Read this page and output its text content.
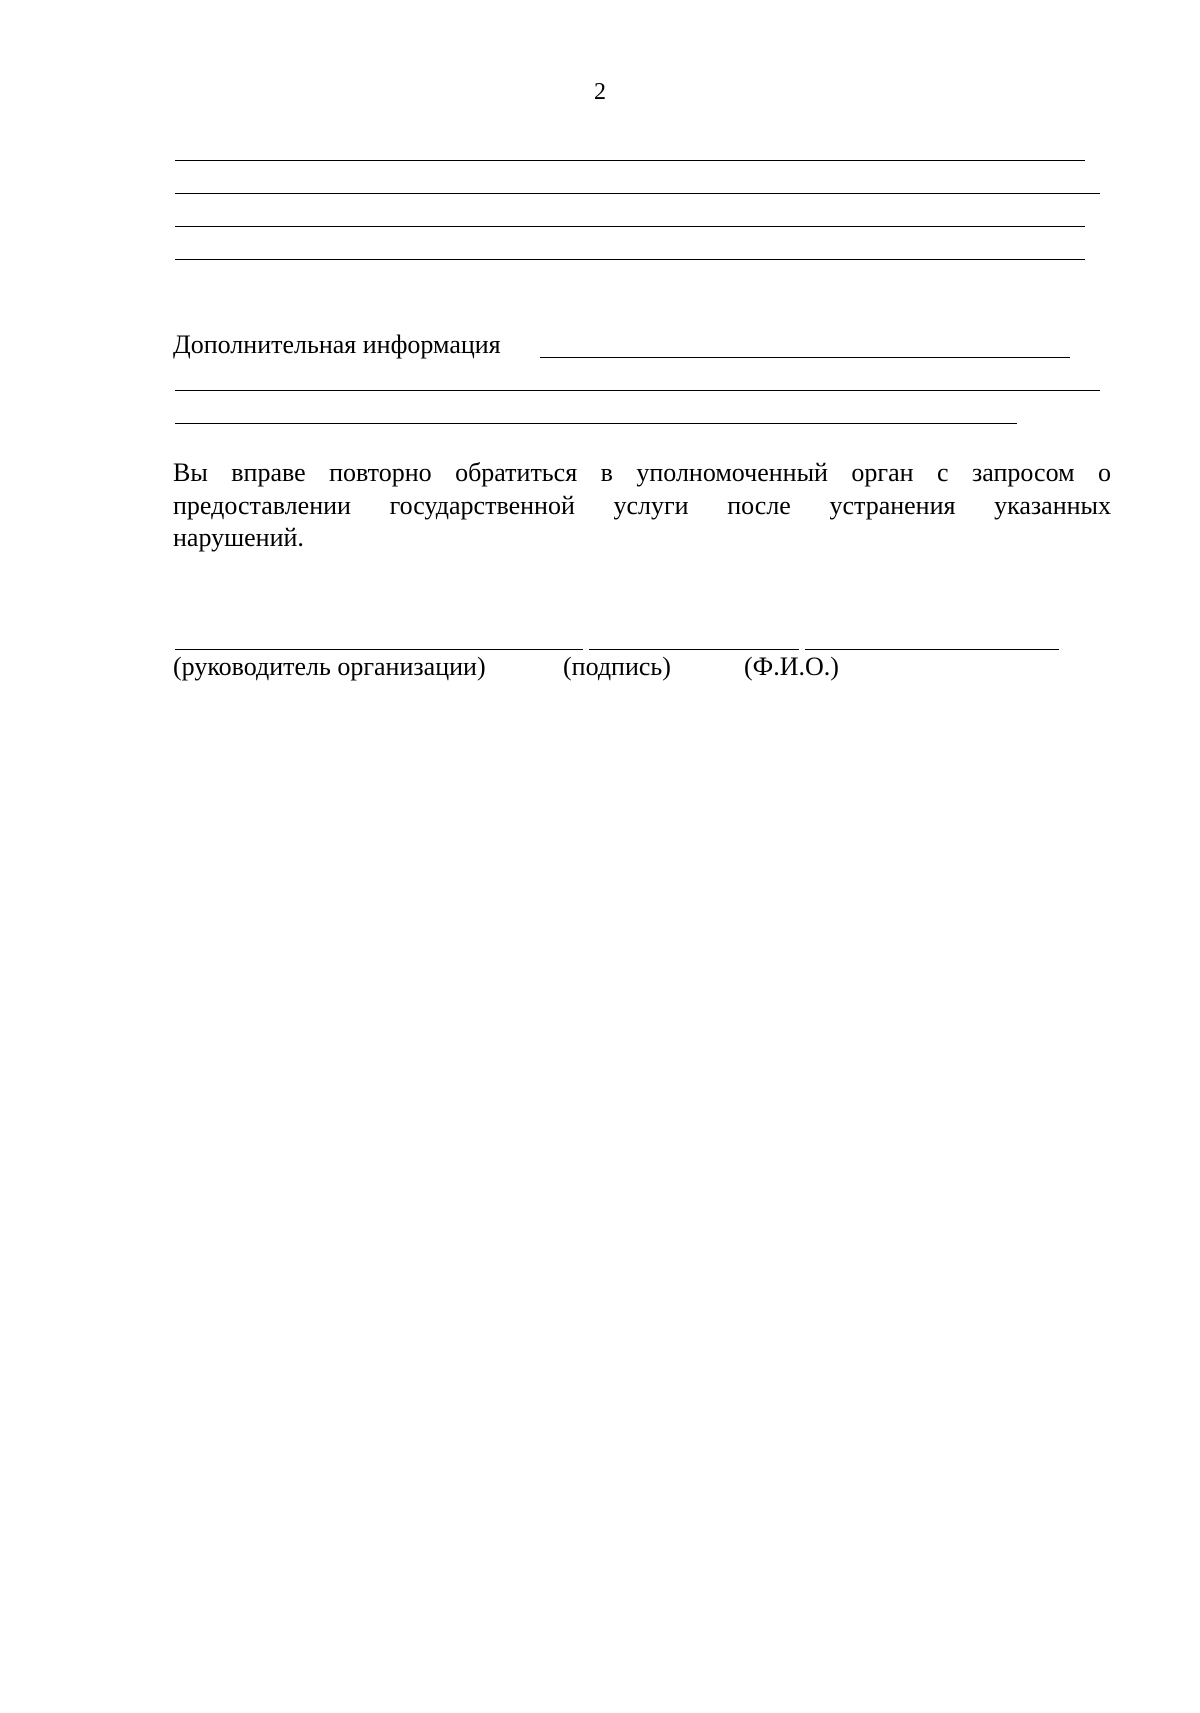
2
Дополнительная информация
Вы вправе повторно обратиться в уполномоченный орган с запросом о
предоставлении государственной услуги после устранения указанных
нарушений.
(руководитель организации)	(подпись)	(Ф.И.О.)
